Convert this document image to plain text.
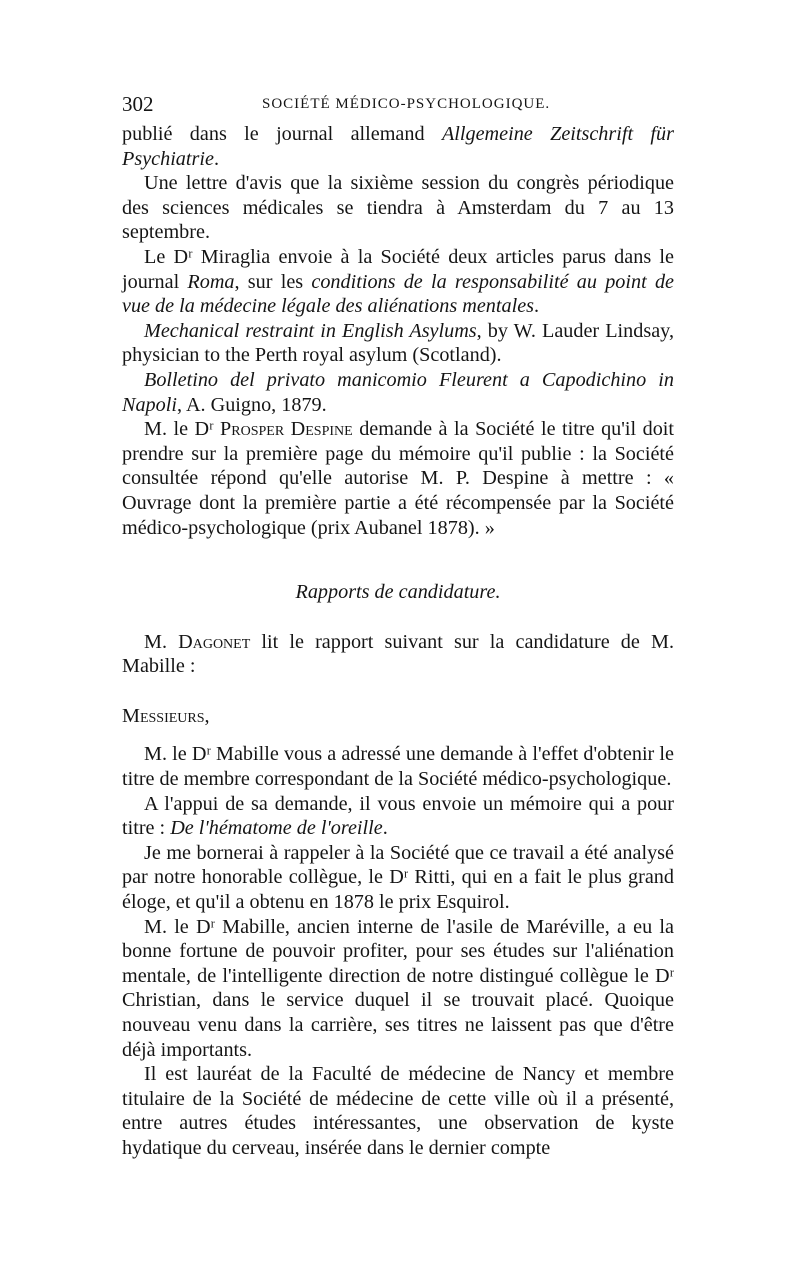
302	SOCIÉTÉ MÉDICO-PSYCHOLOGIQUE.

publié dans le journal allemand Allgemeine Zeitschrift für Psychiatrie.

Une lettre d'avis que la sixième session du congrès périodique des sciences médicales se tiendra à Amsterdam du 7 au 13 septembre.

Le Dʳ Miraglia envoie à la Société deux articles parus dans le journal Roma, sur les conditions de la responsabilité au point de vue de la médecine légale des aliénations mentales.

Mechanical restraint in English Asylums, by W. Lauder Lindsay, physician to the Perth royal asylum (Scotland).

Bolletino del privato manicomio Fleurent a Capodichino in Napoli, A. Guigno, 1879.

M. le Dʳ Prosper Despine demande à la Société le titre qu'il doit prendre sur la première page du mémoire qu'il publie : la Société consultée répond qu'elle autorise M. P. Despine à mettre : « Ouvrage dont la première partie a été récompensée par la Société médico-psychologique (prix Aubanel 1878). »

Rapports de candidature.

M. Dagonet lit le rapport suivant sur la candidature de M. Mabille :

Messieurs,

M. le Dʳ Mabille vous a adressé une demande à l'effet d'obtenir le titre de membre correspondant de la Société médico-psychologique.

A l'appui de sa demande, il vous envoie un mémoire qui a pour titre : De l'hématome de l'oreille.

Je me bornerai à rappeler à la Société que ce travail a été analysé par notre honorable collègue, le Dʳ Ritti, qui en a fait le plus grand éloge, et qu'il a obtenu en 1878 le prix Esquirol.

M. le Dʳ Mabille, ancien interne de l'asile de Maréville, a eu la bonne fortune de pouvoir profiter, pour ses études sur l'aliénation mentale, de l'intelligente direction de notre distingué collègue le Dʳ Christian, dans le service duquel il se trouvait placé. Quoique nouveau venu dans la carrière, ses titres ne laissent pas que d'être déjà importants.

Il est lauréat de la Faculté de médecine de Nancy et membre titulaire de la Société de médecine de cette ville où il a présenté, entre autres études intéressantes, une observation de kyste hydatique du cerveau, insérée dans le dernier compte
